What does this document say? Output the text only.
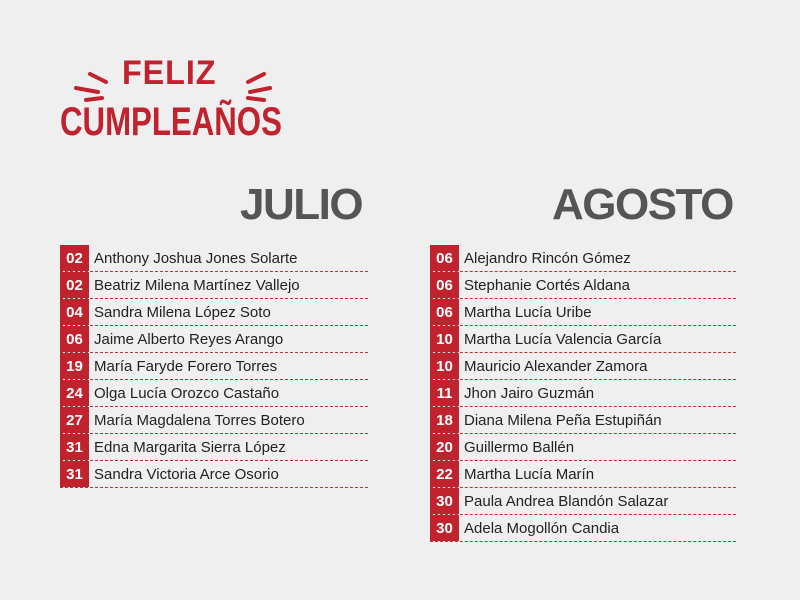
FELIZ
CUMPLEAÑOS
JULIO	AGOSTO
02 Anthony Joshua Jones Solarte
02 Beatriz Milena Martínez Vallejo
04 Sandra Milena López Soto
06 Jaime Alberto Reyes Arango
19 María Faryde Forero Torres
24 Olga Lucía Orozco Castaño
27 María Magdalena Torres Botero
31 Edna Margarita Sierra López
31 Sandra Victoria Arce Osorio
06 Alejandro Rincón Gómez
06 Stephanie Cortés Aldana
06 Martha Lucía Uribe
10 Martha Lucía Valencia García
10 Mauricio Alexander Zamora
11 Jhon Jairo Guzmán
18 Diana Milena Peña Estupiñán
20 Guillermo Ballén
22 Martha Lucía Marín
30 Paula Andrea Blandón Salazar
30 Adela Mogollón Candia
